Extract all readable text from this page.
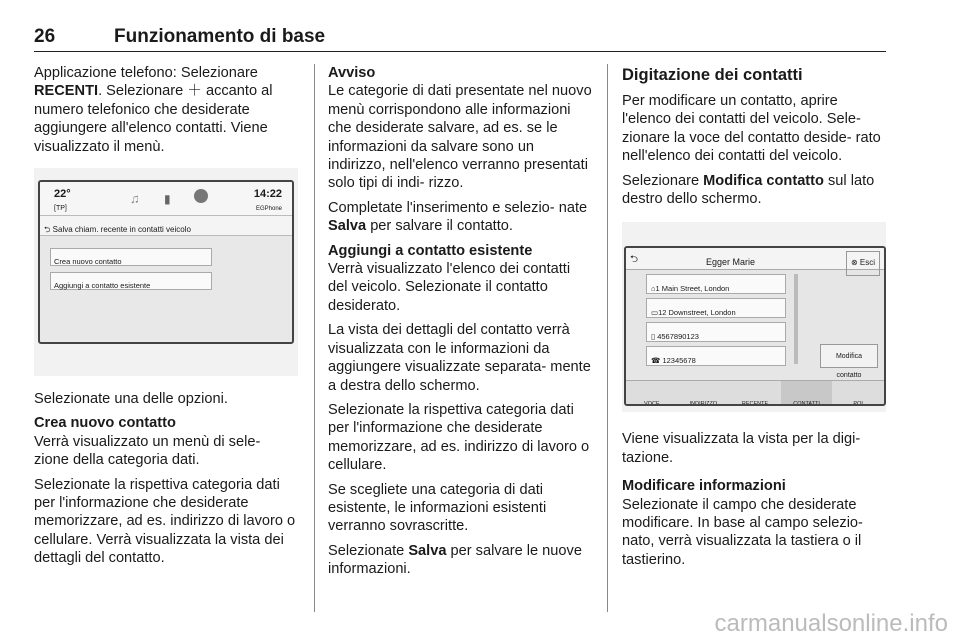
26	Funzionamento di base

Applicazione telefono: Selezionare RECENTI. Selezionare ＋ accanto al numero telefonico che desiderate aggiungere all'elenco contatti. Viene visualizzato il menù.

22°
[TP]
♫ ▮	14:22
EGPhone
⮌ Salva chiam. recente in contatti veicolo
Crea nuovo contatto
Aggiungi a contatto esistente

Selezionate una delle opzioni.

Crea nuovo contatto

Verrà visualizzato un menù di sele- zione della categoria dati.

Selezionate la rispettiva categoria dati per l'informazione che desiderate memorizzare, ad es. indirizzo di lavoro o cellulare. Verrà visualizzata la vista dei dettagli del contatto.

Avviso

Le categorie di dati presentate nel nuovo menù corrispondono alle informazioni che desiderate salvare, ad es. se le informazioni da salvare sono un indirizzo, nell'elenco verranno presentati solo tipi di indi- rizzo.

Completate l'inserimento e selezio- nate Salva per salvare il contatto.

Aggiungi a contatto esistente

Verrà visualizzato l'elenco dei contatti del veicolo. Selezionate il contatto desiderato.

La vista dei dettagli del contatto verrà visualizzata con le informazioni da aggiungere visualizzate separata- mente a destra dello schermo.

Selezionate la rispettiva categoria dati per l'informazione che desiderate memorizzare, ad es. indirizzo di lavoro o cellulare.

Se scegliete una categoria di dati esistente, le informazioni esistenti verranno sovrascritte.

Selezionate Salva per salvare le nuove informazioni.

Digitazione dei contatti

Per modificare un contatto, aprire l'elenco dei contatti del veicolo. Sele- zionare la voce del contatto deside- rato nell'elenco dei contatti del veicolo.

Selezionare Modifica contatto sul lato destro dello schermo.

⮌	Egger Marie	⊗ Esci
⌂1 Main Street, London
▭12 Downstreet, London
▯ 4567890123
☎ 12345678	Modifica contatto
VOCE	INDIRIZZO	RECENTE	CONTATTI	POI

Viene visualizzata la vista per la digi- tazione.

Modificare informazioni

Selezionate il campo che desiderate modificare. In base al campo selezio- nato, verrà visualizzata la tastiera o il tastierino.

carmanualsonline.info
